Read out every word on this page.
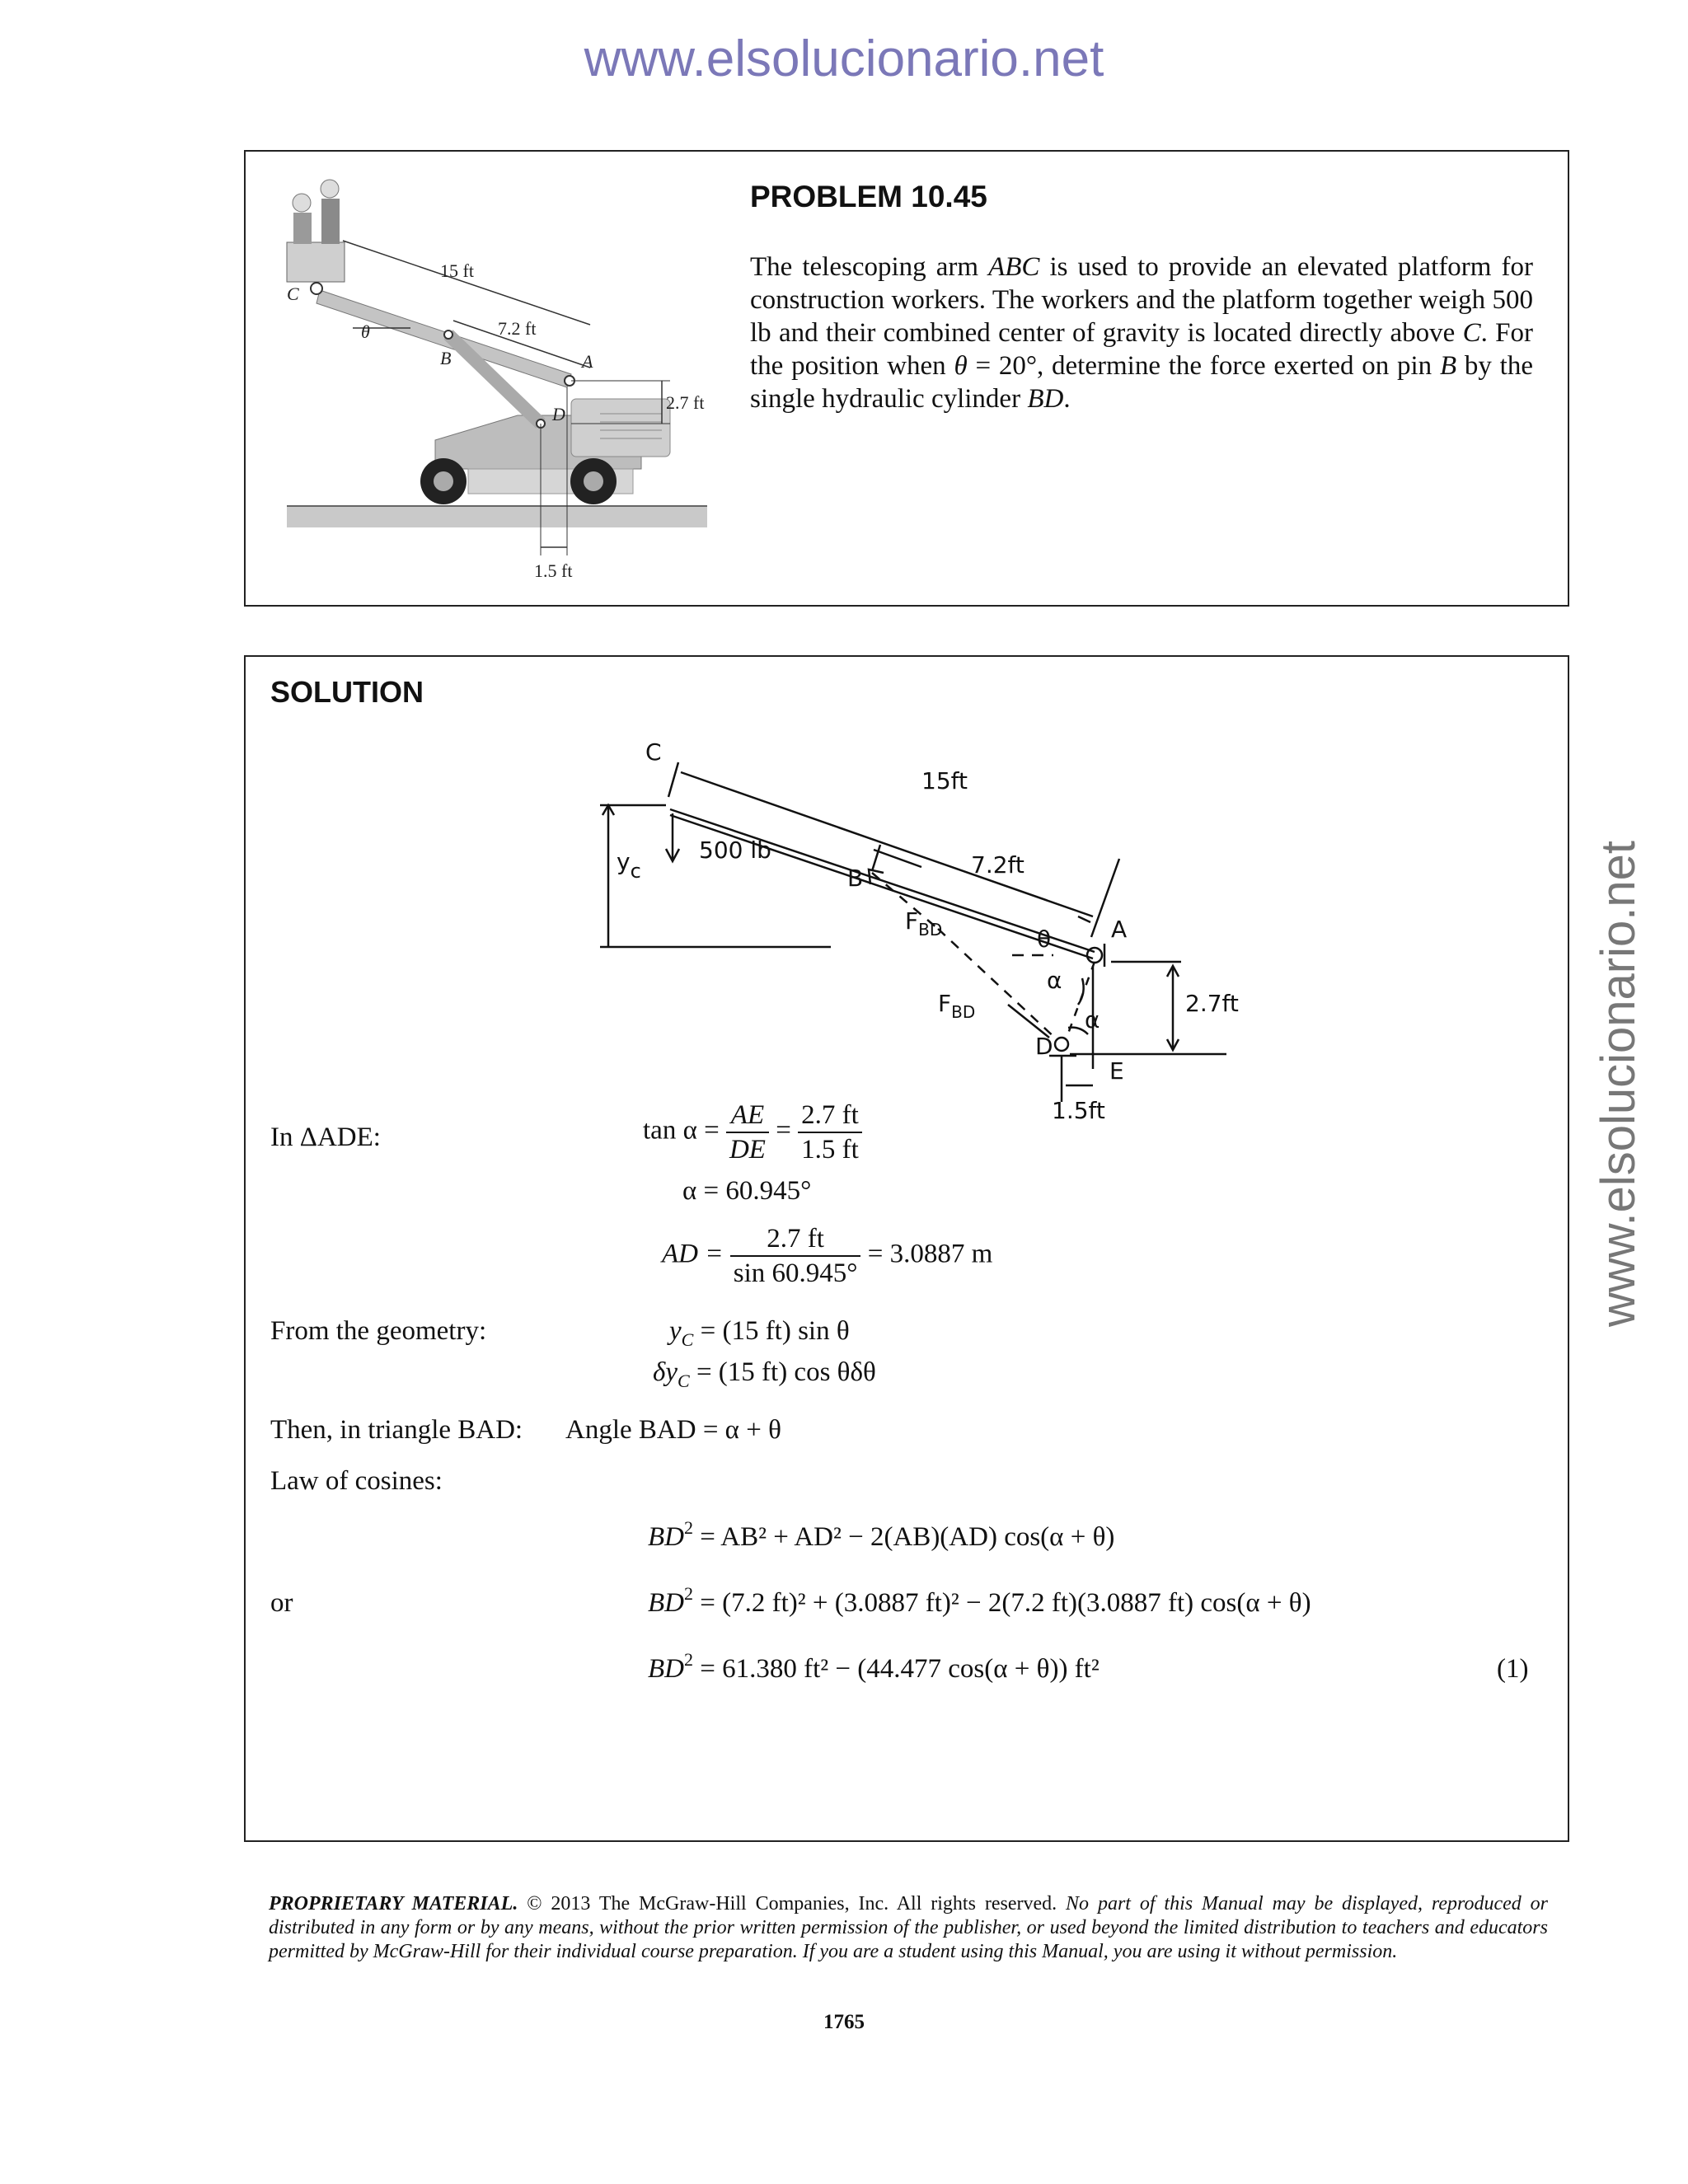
www.elsolucionario.net
www.elsolucionario.net
C
B	A
D
θ
15 ft
7.2 ft
2.7 ft
1.5 ft
PROBLEM 10.45
The telescoping arm ABC is used to provide an elevated platform for construction workers. The workers and the platform together weigh 500 lb and their combined center of gravity is located directly above C. For the position when θ = 20°, determine the force exerted on pin B by the single hydraulic cylinder BD.
SOLUTION
C
B
A
D
E
15ft
7.2ft
2.7ft
1.5ft
500 lb
yc
$F_{BD}$
$F_{BD}$
θ
α
α
In ΔADE:	$\tan \alpha = \frac{AE}{DE} = \frac{2.7 ft}{1.5 ft}$
α = 60.945°
AD = $\frac{2.7 ft}{\sin 60.945^\circ} = 3.0887$ m
From the geometry:	$y_C = (15$ ft) sin θ
$\delta y_C = (15$ ft) cos θδθ
Then, in triangle BAD: Angle BAD = α + θ
Law of cosines:
$BD^2 = AB^2 + AD^2 - 2(AB)(AD) \cos(\alpha + \theta)$
or	$BD^2 = (7.2$ ft)² + (3.0887 ft)² − 2(7.2 ft)(3.0887 ft) cos(α + θ)
$BD^2 = 61.380$ ft² − (44.477 cos(α + θ)) ft²	(1)
PROPRIETARY MATERIAL. © 2013 The McGraw-Hill Companies, Inc. All rights reserved. No part of this Manual may be displayed, reproduced or distributed in any form or by any means, without the prior written permission of the publisher, or used beyond the limited distribution to teachers and educators permitted by McGraw-Hill for their individual course preparation. If you are a student using this Manual, you are using it without permission.
1765
